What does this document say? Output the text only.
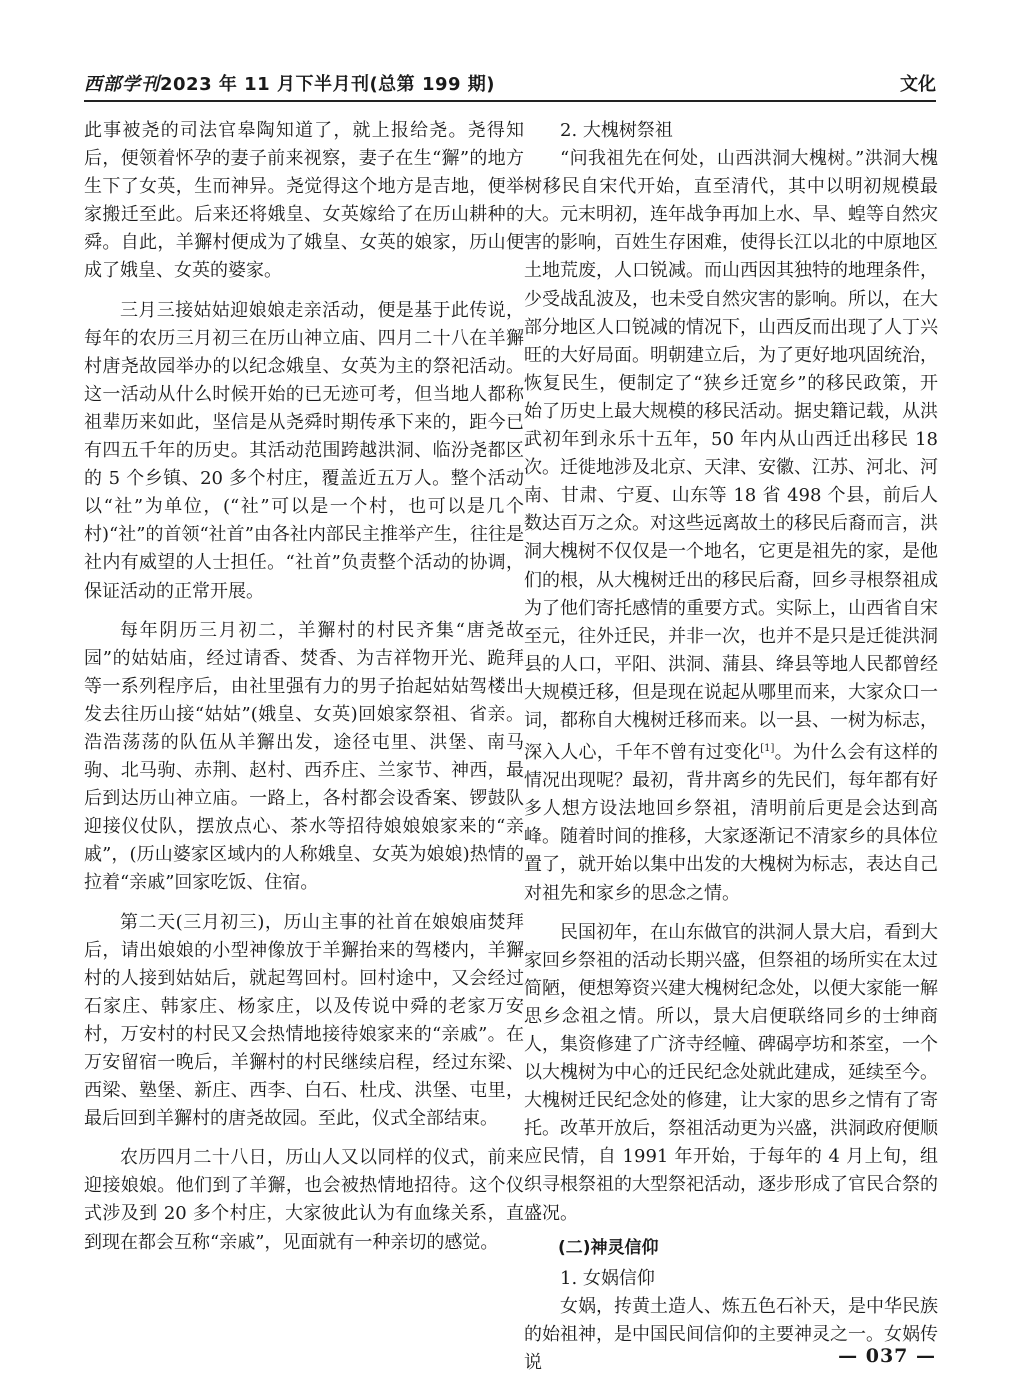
西部学刊2023 年 11 月下半月刊(总第 199 期)	文化

此事被尧的司法官皋陶知道了，就上报给尧。尧得知后，便领着怀孕的妻子前来视察，妻子在生“獬”的地方生下了女英，生而神异。尧觉得这个地方是吉地，便举家搬迁至此。后来还将娥皇、女英嫁给了在历山耕种的舜。自此，羊獬村便成为了娥皇、女英的娘家，历山便成了娥皇、女英的婆家。

三月三接姑姑迎娘娘走亲活动，便是基于此传说，每年的农历三月初三在历山神立庙、四月二十八在羊獬村唐尧故园举办的以纪念娥皇、女英为主的祭祀活动。这一活动从什么时候开始的已无迹可考，但当地人都称祖辈历来如此，坚信是从尧舜时期传承下来的，距今已有四五千年的历史。其活动范围跨越洪洞、临汾尧都区的 5 个乡镇、20 多个村庄，覆盖近五万人。整个活动以“社”为单位，(“社”可以是一个村，也可以是几个村)“社”的首领“社首”由各社内部民主推举产生，往往是社内有威望的人士担任。“社首”负责整个活动的协调，保证活动的正常开展。

每年阴历三月初二，羊獬村的村民齐集“唐尧故园”的姑姑庙，经过请香、焚香、为吉祥物开光、跪拜等一系列程序后，由社里强有力的男子抬起姑姑驾楼出发去往历山接“姑姑”(娥皇、女英)回娘家祭祖、省亲。浩浩荡荡的队伍从羊獬出发，途径屯里、洪堡、南马驹、北马驹、赤荆、赵村、西乔庄、兰家节、神西，最后到达历山神立庙。一路上，各村都会设香案、锣鼓队迎接仪仗队，摆放点心、茶水等招待娘娘娘家来的“亲戚”，(历山婆家区域内的人称娥皇、女英为娘娘)热情的拉着“亲戚”回家吃饭、住宿。

第二天(三月初三)，历山主事的社首在娘娘庙焚拜后，请出娘娘的小型神像放于羊獬抬来的驾楼内，羊獬村的人接到姑姑后，就起驾回村。回村途中，又会经过石家庄、韩家庄、杨家庄，以及传说中舜的老家万安村，万安村的村民又会热情地接待娘家来的“亲戚”。在万安留宿一晚后，羊獬村的村民继续启程，经过东梁、西梁、塾堡、新庄、西李、白石、杜戌、洪堡、屯里，最后回到羊獬村的唐尧故园。至此，仪式全部结束。

农历四月二十八日，历山人又以同样的仪式，前来迎接娘娘。他们到了羊獬，也会被热情地招待。这个仪式涉及到 20 多个村庄，大家彼此认为有血缘关系，直到现在都会互称“亲戚”，见面就有一种亲切的感觉。

2. 大槐树祭祖

“问我祖先在何处，山西洪洞大槐树。”洪洞大槐树移民自宋代开始，直至清代，其中以明初规模最大。元末明初，连年战争再加上水、旱、蝗等自然灾害的影响，百姓生存困难，使得长江以北的中原地区土地荒废，人口锐减。而山西因其独特的地理条件，少受战乱波及，也未受自然灾害的影响。所以，在大部分地区人口锐减的情况下，山西反而出现了人丁兴旺的大好局面。明朝建立后，为了更好地巩固统治，恢复民生，便制定了“狭乡迁宽乡”的移民政策，开始了历史上最大规模的移民活动。据史籍记载，从洪武初年到永乐十五年，50 年内从山西迁出移民 18 次。迁徙地涉及北京、天津、安徽、江苏、河北、河南、甘肃、宁夏、山东等 18 省 498 个县，前后人数达百万之众。对这些远离故土的移民后裔而言，洪洞大槐树不仅仅是一个地名，它更是祖先的家，是他们的根，从大槐树迁出的移民后裔，回乡寻根祭祖成为了他们寄托感情的重要方式。实际上，山西省自宋至元，往外迁民，并非一次，也并不是只是迁徙洪洞县的人口，平阳、洪洞、蒲县、绛县等地人民都曾经大规模迁移，但是现在说起从哪里而来，大家众口一词，都称自大槐树迁移而来。以一县、一树为标志，深入人心，千年不曾有过变化[1]。为什么会有这样的情况出现呢？最初，背井离乡的先民们，每年都有好多人想方设法地回乡祭祖，清明前后更是会达到高峰。随着时间的推移，大家逐渐记不清家乡的具体位置了，就开始以集中出发的大槐树为标志，表达自己对祖先和家乡的思念之情。

民国初年，在山东做官的洪洞人景大启，看到大家回乡祭祖的活动长期兴盛，但祭祖的场所实在太过简陋，便想筹资兴建大槐树纪念处，以便大家能一解思乡念祖之情。所以，景大启便联络同乡的士绅商人，集资修建了广济寺经幢、碑碣亭坊和茶室，一个以大槐树为中心的迁民纪念处就此建成，延续至今。大槐树迁民纪念处的修建，让大家的思乡之情有了寄托。改革开放后，祭祖活动更为兴盛，洪洞政府便顺应民情，自 1991 年开始，于每年的 4 月上旬，组织寻根祭祖的大型祭祀活动，逐步形成了官民合祭的盛况。

(二)神灵信仰

1. 女娲信仰

女娲，抟黄土造人、炼五色石补天，是中华民族的始祖神，是中国民间信仰的主要神灵之一。女娲传说	— 037 —
